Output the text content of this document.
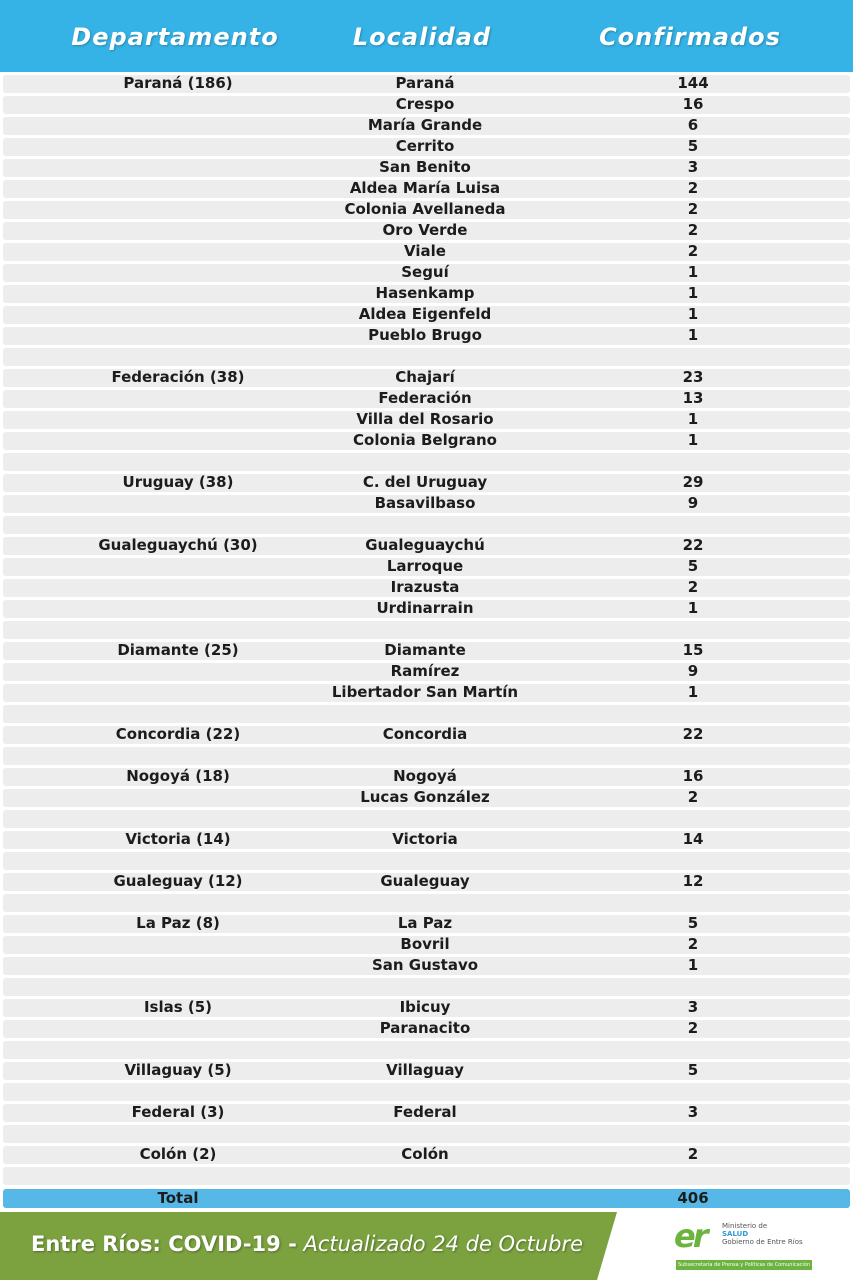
Departamento	Localidad	Confirmados
Paraná (186)	Paraná	144
Crespo	16
María Grande	6
Cerrito	5
San Benito	3
Aldea María Luisa	2
Colonia Avellaneda	2
Oro Verde	2
Viale	2
Seguí	1
Hasenkamp	1
Aldea Eigenfeld	1
Pueblo Brugo	1
Federación (38)	Chajarí	23
Federación	13
Villa del Rosario	1
Colonia Belgrano	1
Uruguay (38)	C. del Uruguay	29
Basavilbaso	9
Gualeguaychú (30)	Gualeguaychú	22
Larroque	5
Irazusta	2
Urdinarrain	1
Diamante (25)	Diamante	15
Ramírez	9
Libertador San Martín	1
Concordia (22)	Concordia	22
Nogoyá (18)	Nogoyá	16
Lucas González	2
Victoria (14)	Victoria	14
Gualeguay (12)	Gualeguay	12
La Paz (8)	La Paz	5
Bovril	2
San Gustavo	1
Islas (5)	Ibicuy	3
Paranacito	2
Villaguay (5)	Villaguay	5
Federal (3)	Federal	3
Colón (2)	Colón	2
Total	406
Entre Ríos: COVID-19 - Actualizado 24 de Octubre	er Ministerio de
SALUD
Gobierno de Entre Ríos
Subsecretaría de Prensa y Políticas de Comunicación
